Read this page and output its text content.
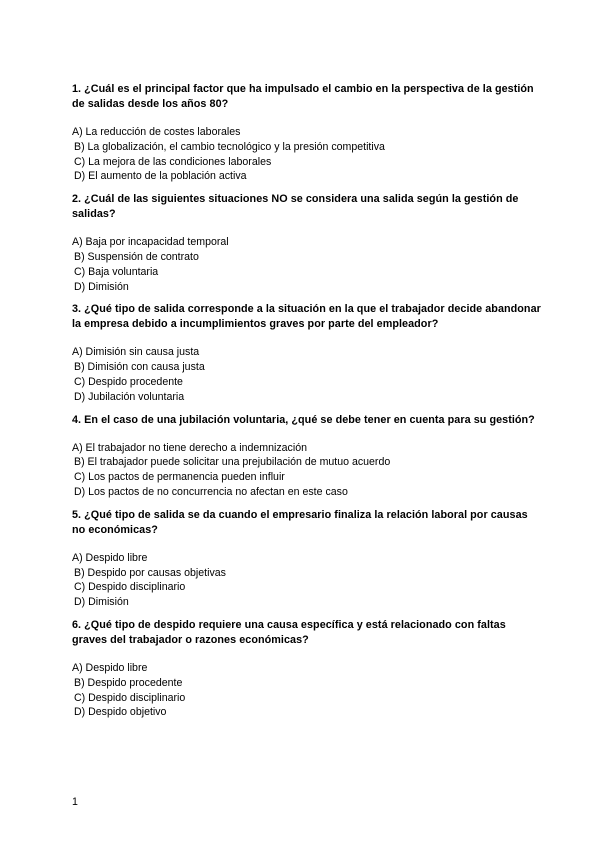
1. ¿Cuál es el principal factor que ha impulsado el cambio en la perspectiva de la gestión de salidas desde los años 80?

A) La reducción de costes laborales
B) La globalización, el cambio tecnológico y la presión competitiva
C) La mejora de las condiciones laborales
D) El aumento de la población activa

2. ¿Cuál de las siguientes situaciones NO se considera una salida según la gestión de salidas?

A) Baja por incapacidad temporal
B) Suspensión de contrato
C) Baja voluntaria
D) Dimisión

3. ¿Qué tipo de salida corresponde a la situación en la que el trabajador decide abandonar la empresa debido a incumplimientos graves por parte del empleador?

A) Dimisión sin causa justa
B) Dimisión con causa justa
C) Despido procedente
D) Jubilación voluntaria

4. En el caso de una jubilación voluntaria, ¿qué se debe tener en cuenta para su gestión?

A) El trabajador no tiene derecho a indemnización
B) El trabajador puede solicitar una prejubilación de mutuo acuerdo
C) Los pactos de permanencia pueden influir
D) Los pactos de no concurrencia no afectan en este caso

5. ¿Qué tipo de salida se da cuando el empresario finaliza la relación laboral por causas no económicas?

A) Despido libre
B) Despido por causas objetivas
C) Despido disciplinario
D) Dimisión

6. ¿Qué tipo de despido requiere una causa específica y está relacionado con faltas graves del trabajador o razones económicas?

A) Despido libre
B) Despido procedente
C) Despido disciplinario
D) Despido objetivo
1
